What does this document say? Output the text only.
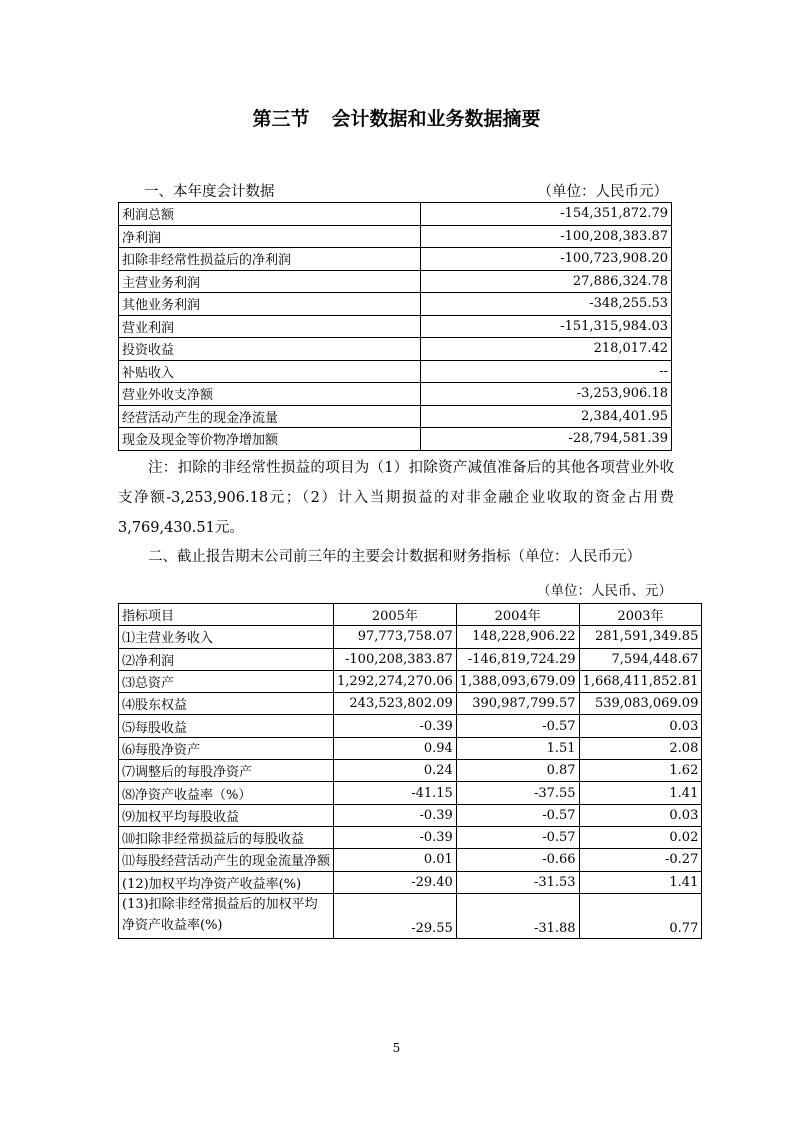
第三节 会计数据和业务数据摘要
一、本年度会计数据	（单位：人民币元）
利润总额	-154,351,872.79
净利润	-100,208,383.87
扣除非经常性损益后的净利润	-100,723,908.20
主营业务利润	27,886,324.78
其他业务利润	-348,255.53
营业利润	-151,315,984.03
投资收益	218,017.42
补贴收入	--
营业外收支净额	-3,253,906.18
经营活动产生的现金净流量	2,384,401.95
现金及现金等价物净增加额	-28,794,581.39
注：扣除的非经常性损益的项目为（1）扣除资产减值准备后的其他各项营业外收支净额-3,253,906.18元；（2）计入当期损益的对非金融企业收取的资金占用费3,769,430.51元。
二、截止报告期末公司前三年的主要会计数据和财务指标（单位：人民币元）
（单位：人民币、元）
指标项目	2005年	2004年	2003年
⑴主营业务收入	97,773,758.07	148,228,906.22	281,591,349.85
⑵净利润	-100,208,383.87	-146,819,724.29	7,594,448.67
⑶总资产	1,292,274,270.06	1,388,093,679.09	1,668,411,852.81
⑷股东权益	243,523,802.09	390,987,799.57	539,083,069.09
⑸每股收益	-0.39	-0.57	0.03
⑹每股净资产	0.94	1.51	2.08
⑺调整后的每股净资产	0.24	0.87	1.62
⑻净资产收益率（%）	-41.15	-37.55	1.41
⑼加权平均每股收益	-0.39	-0.57	0.03
⑽扣除非经常损益后的每股收益	-0.39	-0.57	0.02
⑾每股经营活动产生的现金流量净额	0.01	-0.66	-0.27
(12)加权平均净资产收益率(%)	-29.40	-31.53	1.41
(13)扣除非经常损益后的加权平均净资产收益率(%)	-29.55	-31.88	0.77
5
